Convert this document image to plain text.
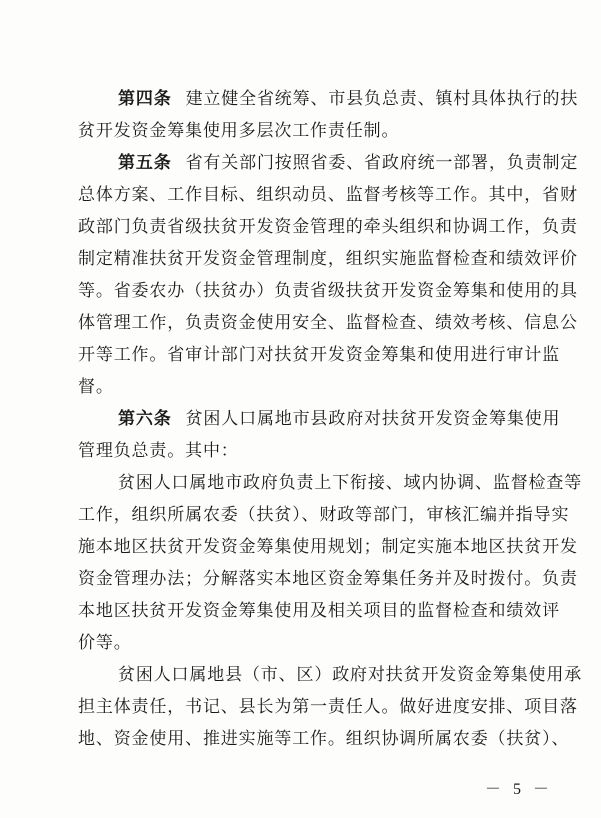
第四条 建立健全省统筹、市县负总责、镇村具体执行的扶
贫开发资金筹集使用多层次工作责任制。
第五条 省有关部门按照省委、省政府统一部署，负责制定
总体方案、工作目标、组织动员、监督考核等工作。其中，省财
政部门负责省级扶贫开发资金管理的牵头组织和协调工作，负责
制定精准扶贫开发资金管理制度，组织实施监督检查和绩效评价
等。省委农办（扶贫办）负责省级扶贫开发资金筹集和使用的具
体管理工作，负责资金使用安全、监督检查、绩效考核、信息公
开等工作。省审计部门对扶贫开发资金筹集和使用进行审计监
督。
第六条 贫困人口属地市县政府对扶贫开发资金筹集使用
管理负总责。其中：
贫困人口属地市政府负责上下衔接、域内协调、监督检查等
工作，组织所属农委（扶贫）、财政等部门，审核汇编并指导实
施本地区扶贫开发资金筹集使用规划；制定实施本地区扶贫开发
资金管理办法；分解落实本地区资金筹集任务并及时拨付。负责
本地区扶贫开发资金筹集使用及相关项目的监督检查和绩效评
价等。
贫困人口属地县（市、区）政府对扶贫开发资金筹集使用承
担主体责任，书记、县长为第一责任人。做好进度安排、项目落
地、资金使用、推进实施等工作。组织协调所属农委（扶贫）、
－ 5 －
